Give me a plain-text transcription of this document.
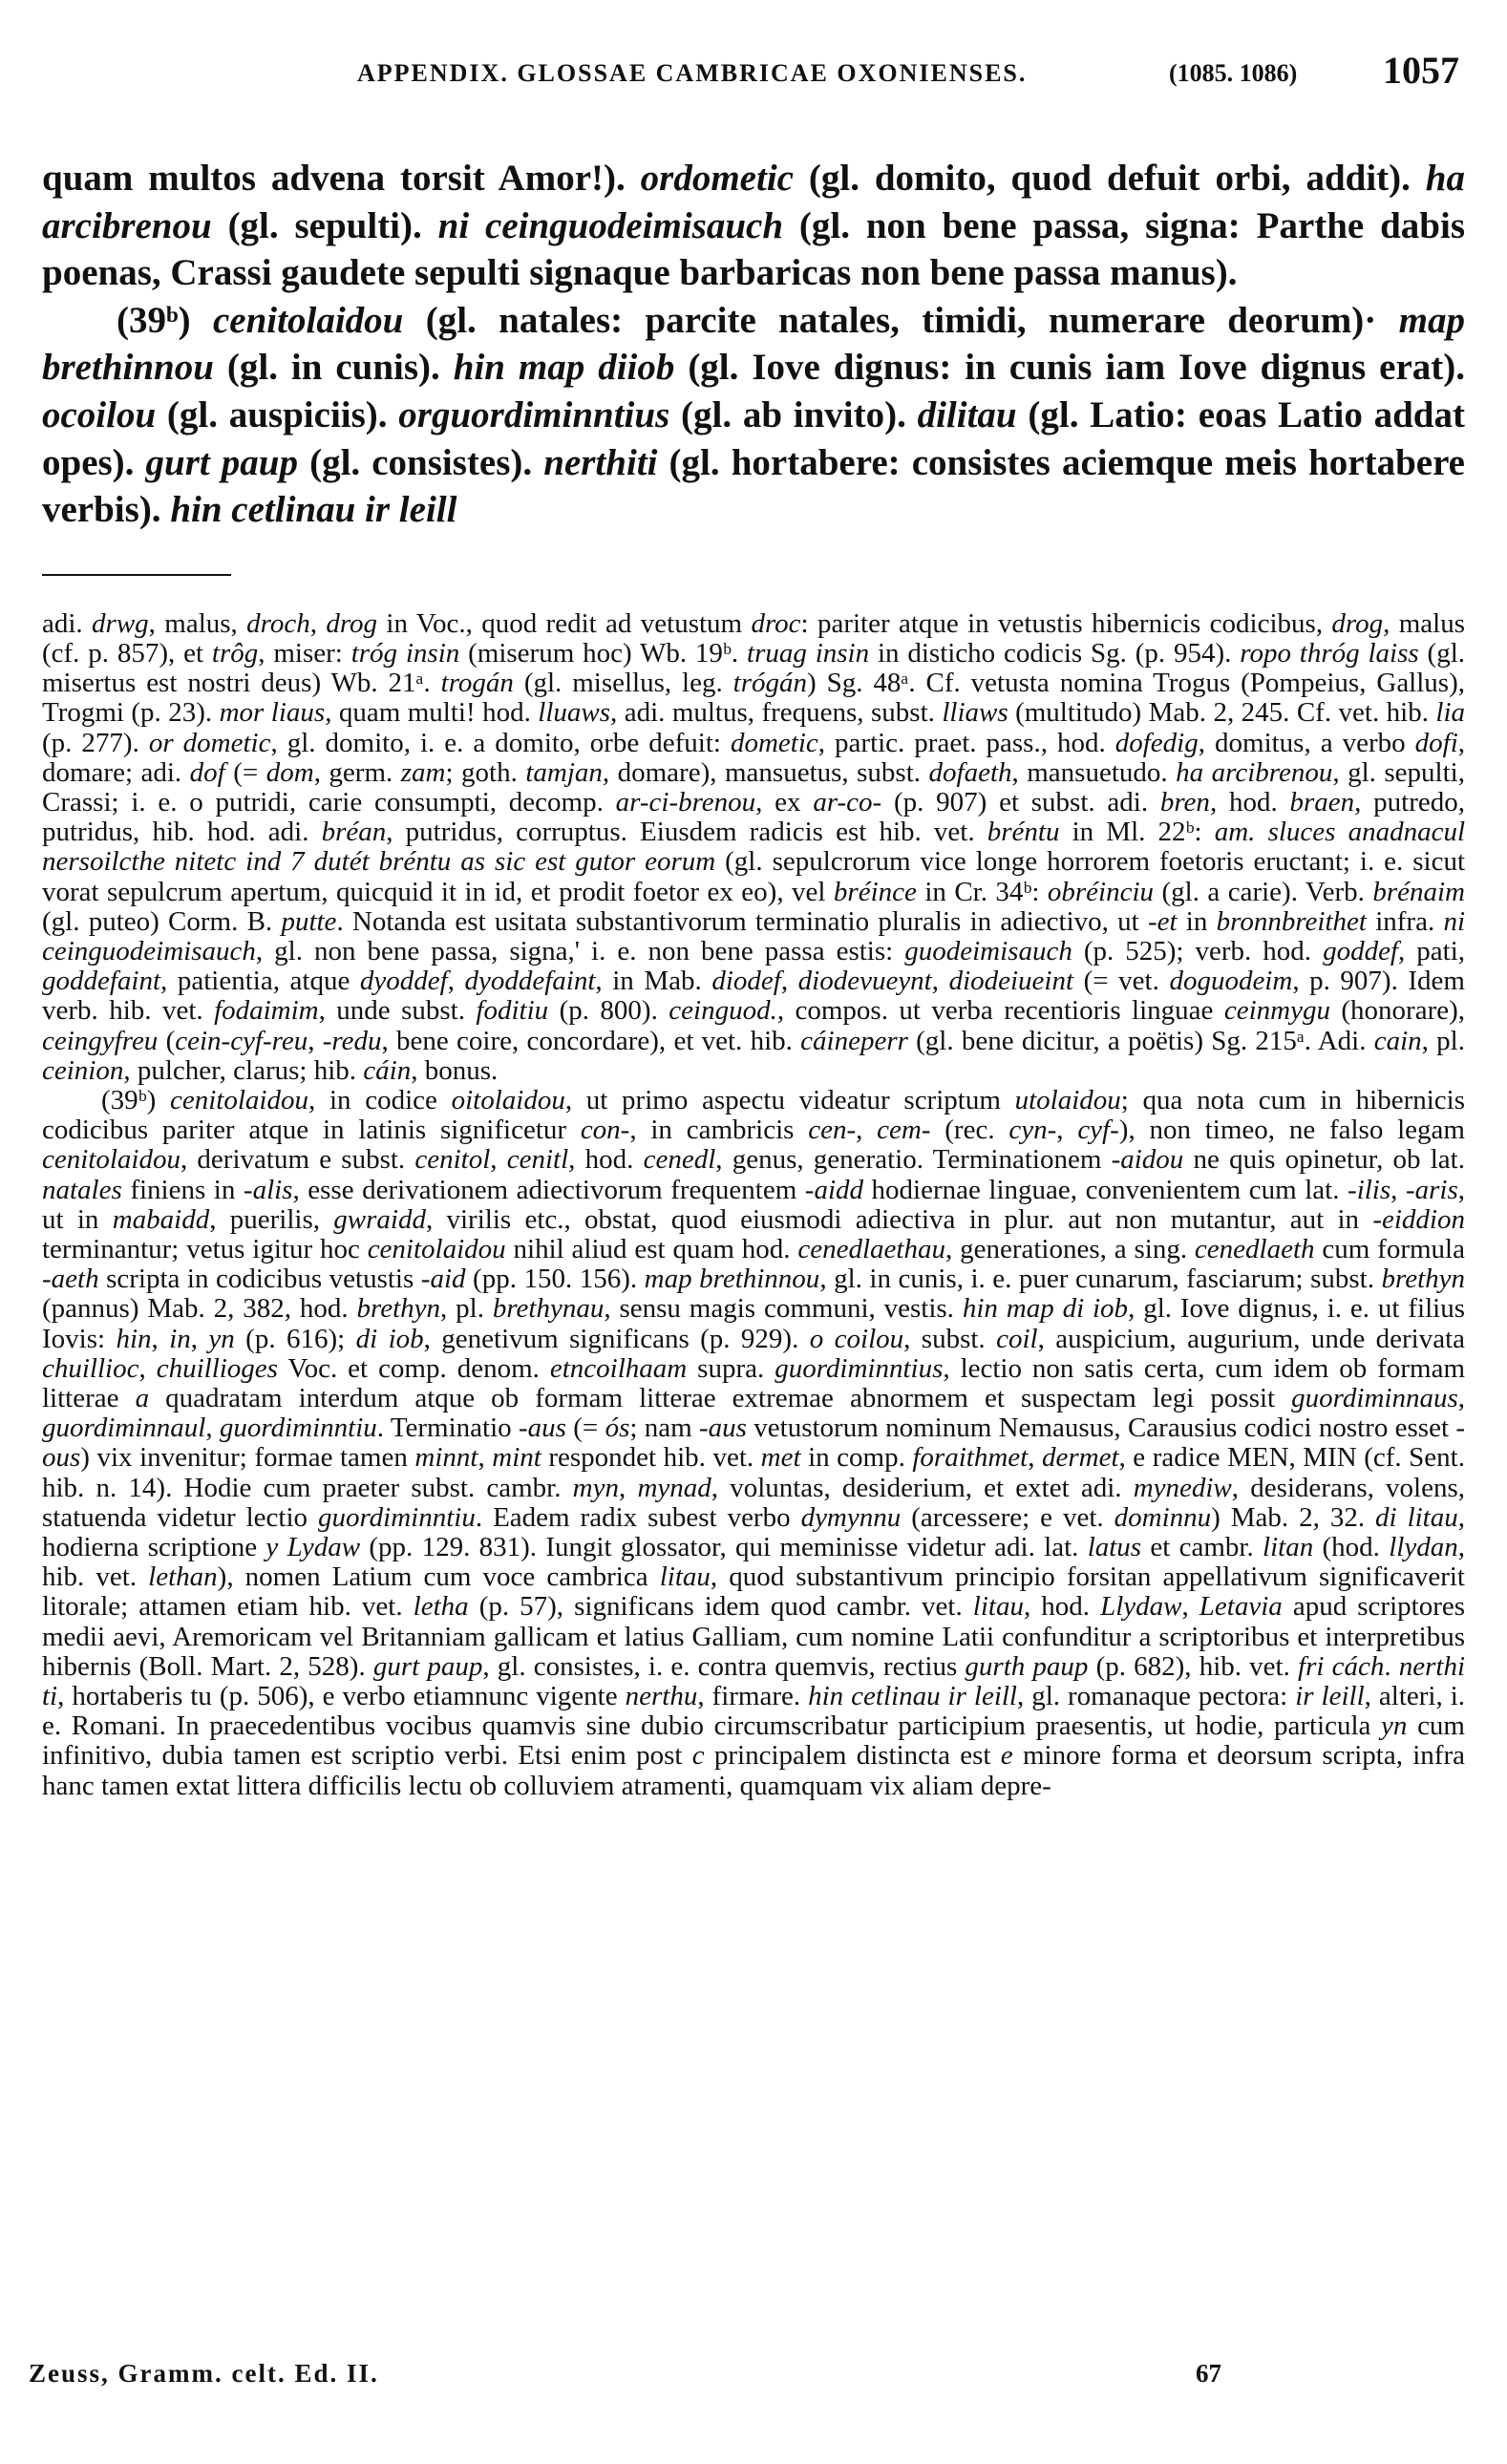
APPENDIX. GLOSSAE CAMBRICAE OXONIENSES.	(1085. 1086) 1057

quam multos advena torsit Amor!). ordometic (gl. domito, quod defuit orbi, addit). ha arcibrenou (gl. sepulti). ni ceinguodeimisauch (gl. non bene passa, signa: Parthe dabis poenas, Crassi gaudete sepulti signaque barbaricas non bene passa manus).

(39ᵇ) cenitolaidou (gl. natales: parcite natales, timidi, numerare deorum)· map brethinnou (gl. in cunis). hin map diiob (gl. Iove dignus: in cunis iam Iove dignus erat). ocoilou (gl. auspiciis). orguordiminntius (gl. ab invito). dilitau (gl. Latio: eoas Latio addat opes). gurt paup (gl. consistes). nerthiti (gl. hortabere: consistes aciemque meis hortabere verbis). hin cetlinau ir leill

adi. drwg, malus, droch, drog in Voc., quod redit ad vetustum droc: pariter atque in vetustis hibernicis codicibus, drog, malus (cf. p. 857), et trôg, miser: tróg insin (miserum hoc) Wb. 19ᵇ. truag insin in disticho codicis Sg. (p. 954). ropo thróg laiss (gl. misertus est nostri deus) Wb. 21ᵃ. trogán (gl. misellus, leg. trógán) Sg. 48ᵃ. Cf. vetusta nomina Trogus (Pompeius, Gallus), Trogmi (p. 23). mor liaus, quam multi! hod. lluaws, adi. multus, frequens, subst. lliaws (multitudo) Mab. 2, 245. Cf. vet. hib. lia (p. 277). or dometic, gl. domito, i. e. a domito, orbe defuit: dometic, partic. praet. pass., hod. dofedig, domitus, a verbo dofi, domare; adi. dof (= dom, germ. zam; goth. tamjan, domare), mansuetus, subst. dofaeth, mansuetudo. ha arcibrenou, gl. sepulti, Crassi; i. e. o putridi, carie consumpti, decomp. ar-ci-brenou, ex ar-co- (p. 907) et subst. adi. bren, hod. braen, putredo, putridus, hib. hod. adi. bréan, putridus, corruptus. Eiusdem radicis est hib. vet. bréntu in Ml. 22ᵇ: am. sluces anadnacul nersoilcthe nitetc ind 7 dutét bréntu as sic est gutor eorum (gl. sepulcrorum vice longe horrorem foetoris eructant; i. e. sicut vorat sepulcrum apertum, quicquid it in id, et prodit foetor ex eo), vel bréince in Cr. 34ᵇ: obréinciu (gl. a carie). Verb. brénaim (gl. puteo) Corm. B. putte. Notanda est usitata substantivorum terminatio pluralis in adiectivo, ut -et in bronnbreithet infra. ni ceinguodeimisauch, gl. non bene passa, signa,' i. e. non bene passa estis: guodeimisauch (p. 525); verb. hod. goddef, pati, goddefaint, patientia, atque dyoddef, dyoddefaint, in Mab. diodef, diodevueynt, diodeiueint (= vet. doguodeim, p. 907). Idem verb. hib. vet. fodaimim, unde subst. foditiu (p. 800). ceinguod., compos. ut verba recentioris linguae ceinmygu (honorare), ceingyfreu (cein-cyf-reu, -redu, bene coire, concordare), et vet. hib. cáineperr (gl. bene dicitur, a poëtis) Sg. 215ᵃ. Adi. cain, pl. ceinion, pulcher, clarus; hib. cáin, bonus.

(39ᵇ) cenitolaidou, in codice oitolaidou, ut primo aspectu videatur scriptum utolaidou; qua nota cum in hibernicis codicibus pariter atque in latinis significetur con-, in cambricis cen-, cem- (rec. cyn-, cyf-), non timeo, ne falso legam cenitolaidou, derivatum e subst. cenitol, cenitl, hod. cenedl, genus, generatio. Terminationem -aidou ne quis opinetur, ob lat. natales finiens in -alis, esse derivationem adiectivorum frequentem -aidd hodiernae linguae, convenientem cum lat. -ilis, -aris, ut in mabaidd, puerilis, gwraidd, virilis etc., obstat, quod eiusmodi adiectiva in plur. aut non mutantur, aut in -eiddion terminantur; vetus igitur hoc cenitolaidou nihil aliud est quam hod. cenedlaethau, generationes, a sing. cenedlaeth cum formula -aeth scripta in codicibus vetustis -aid (pp. 150. 156). map brethinnou, gl. in cunis, i. e. puer cunarum, fasciarum; subst. brethyn (pannus) Mab. 2, 382, hod. brethyn, pl. brethynau, sensu magis communi, vestis. hin map di iob, gl. Iove dignus, i. e. ut filius Iovis: hin, in, yn (p. 616); di iob, genetivum significans (p. 929). o coilou, subst. coil, auspicium, augurium, unde derivata chuillioc, chuillioges Voc. et comp. denom. etncoilhaam supra. guordiminntius, lectio non satis certa, cum idem ob formam litterae a quadratam interdum atque ob formam litterae extremae abnormem et suspectam legi possit guordiminnaus, guordiminnaul, guordiminntiu. Terminatio -aus (= ós; nam -aus vetustorum nominum Nemausus, Carausius codici nostro esset -ous) vix invenitur; formae tamen minnt, mint respondet hib. vet. met in comp. foraithmet, dermet, e radice MEN, MIN (cf. Sent. hib. n. 14). Hodie cum praeter subst. cambr. myn, mynad, voluntas, desiderium, et extet adi. mynediw, desiderans, volens, statuenda videtur lectio guordiminntiu. Eadem radix subest verbo dymynnu (arcessere; e vet. dominnu) Mab. 2, 32. di litau, hodierna scriptione y Lydaw (pp. 129. 831). Iungit glossator, qui meminisse videtur adi. lat. latus et cambr. litan (hod. llydan, hib. vet. lethan), nomen Latium cum voce cambrica litau, quod substantivum principio forsitan appellativum significaverit litorale; attamen etiam hib. vet. letha (p. 57), significans idem quod cambr. vet. litau, hod. Llydaw, Letavia apud scriptores medii aevi, Aremoricam vel Britanniam gallicam et latius Galliam, cum nomine Latii confunditur a scriptoribus et interpretibus hibernis (Boll. Mart. 2, 528). gurt paup, gl. consistes, i. e. contra quemvis, rectius gurth paup (p. 682), hib. vet. fri cách. nerthi ti, hortaberis tu (p. 506), e verbo etiamnunc vigente nerthu, firmare. hin cetlinau ir leill, gl. romanaque pectora: ir leill, alteri, i. e. Romani. In praecedentibus vocibus quamvis sine dubio circumscribatur participium praesentis, ut hodie, particula yn cum infinitivo, dubia tamen est scriptio verbi. Etsi enim post c principalem distincta est e minore forma et deorsum scripta, infra hanc tamen extat littera difficilis lectu ob colluviem atramenti, quamquam vix aliam depre-

Zeuss, Gramm. celt. Ed. II.	67
